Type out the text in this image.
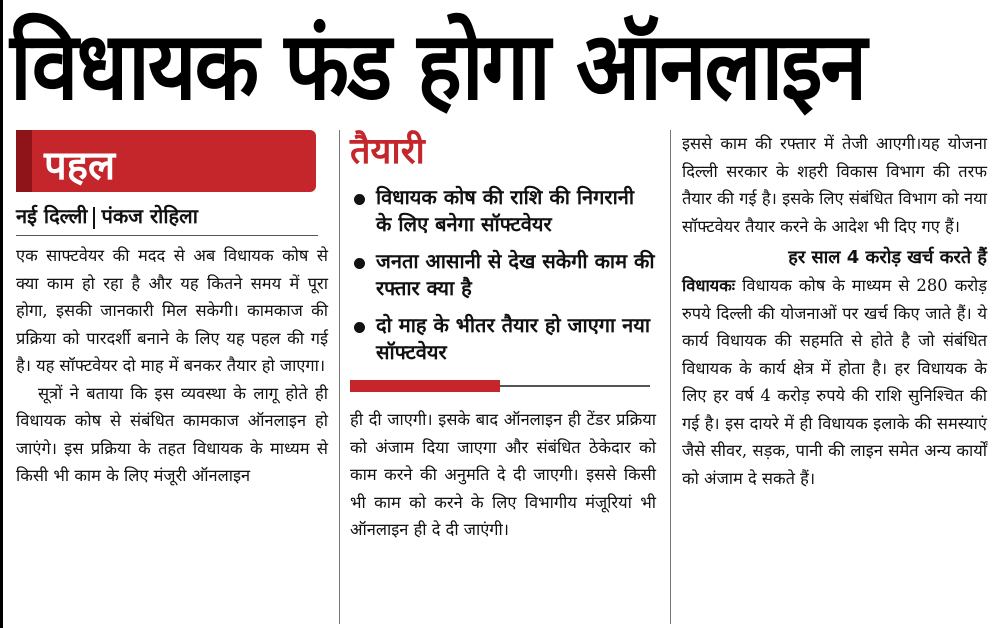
विधायक फंड होगा ऑनलाइन
पहल
नई दिल्ली पंकज रोहिला

एक साफ्टवेयर की मदद से अब विधायक कोष से क्या काम हो रहा है और यह कितने समय में पूरा होगा, इसकी जानकारी मिल सकेगी। कामकाज की प्रक्रिया को पारदर्शी बनाने के लिए यह पहल की गई है। यह सॉफ्टवेयर दो माह में बनकर तैयार हो जाएगा।

सूत्रों ने बताया कि इस व्यवस्था के लागू होते ही विधायक कोष से संबंधित कामकाज ऑनलाइन हो जाएंगे। इस प्रक्रिया के तहत विधायक के माध्यम से किसी भी काम के लिए मंजूरी ऑनलाइन

तैयारी
विधायक कोष की राशि की निगरानी के लिए बनेगा सॉफ्टवेयर
जनता आसानी से देख सकेगी काम की रफ्तार क्या है
दो माह के भीतर तैयार हो जाएगा नया सॉफ्टवेयर

ही दी जाएगी। इसके बाद ऑनलाइन ही टेंडर प्रक्रिया को अंजाम दिया जाएगा और संबंधित ठेकेदार को काम करने की अनुमति दे दी जाएगी। इससे किसी भी काम को करने के लिए विभागीय मंजूरियां भी ऑनलाइन ही दे दी जाएंगी।

इससे काम की रफ्तार में तेजी आएगी।यह योजना दिल्ली सरकार के शहरी विकास विभाग की तरफ तैयार की गई है। इसके लिए संबंधित विभाग को नया सॉफ्टवेयर तैयार करने के आदेश भी दिए गए हैं।

हर साल 4 करोड़ खर्च करते हैं

विधायकः विधायक कोष के माध्यम से 280 करोड़ रुपये दिल्ली की योजनाओं पर खर्च किए जाते हैं। ये कार्य विधायक की सहमति से होते है जो संबंधित विधायक के कार्य क्षेत्र में होता है। हर विधायक के लिए हर वर्ष 4 करोड़ रुपये की राशि सुनिश्चित की गई है। इस दायरे में ही विधायक इलाके की समस्याएं जैसे सीवर, सड़क, पानी की लाइन समेत अन्य कार्यों को अंजाम दे सकते हैं।
